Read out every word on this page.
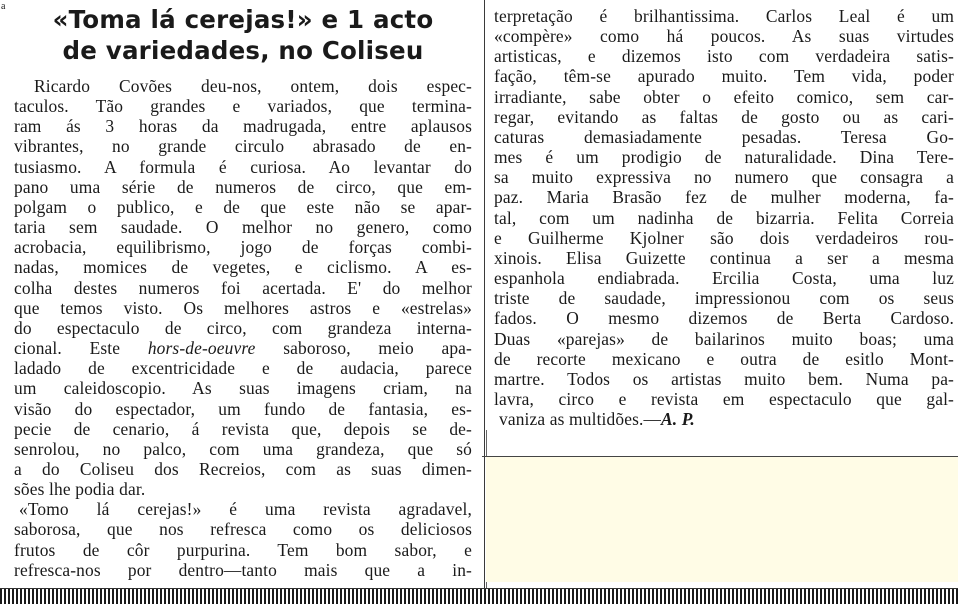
a	«Toma lá cerejas!» e 1 acto
de variedades, no Coliseu
Ricardo Covões deu-nos, ontem, dois espec-
taculos. Tão grandes e variados, que termina-
ram ás 3 horas da madrugada, entre aplausos
vibrantes, no grande circulo abrasado de en-
tusiasmo. A formula é curiosa. Ao levantar do
pano uma série de numeros de circo, que em-
polgam o publico, e de que este não se apar-
taria sem saudade. O melhor no genero, como
acrobacia, equilibrismo, jogo de forças combi-
nadas, momices de vegetes, e ciclismo. A es-
colha destes numeros foi acertada. E' do melhor
que temos visto. Os melhores astros e «estrelas»
do espectaculo de circo, com grandeza interna-
cional. Este hors-de-oeuvre saboroso, meio apa-
ladado de excentricidade e de audacia, parece
um caleidoscopio. As suas imagens criam, na
visão do espectador, um fundo de fantasia, es-
pecie de cenario, á revista que, depois se de-
senrolou, no palco, com uma grandeza, que só
a do Coliseu dos Recreios, com as suas dimen-
sões lhe podia dar.
«Tomo lá cerejas!» é uma revista agradavel,
saborosa, que nos refresca como os deliciosos
frutos de côr purpurina. Tem bom sabor, e
refresca-nos por dentro—tanto mais que a in-
terpretação é brilhantissima. Carlos Leal é um
«compère» como há poucos. As suas virtudes
artisticas, e dizemos isto com verdadeira satis-
fação, têm-se apurado muito. Tem vida, poder
irradiante, sabe obter o efeito comico, sem car-
regar, evitando as faltas de gosto ou as cari-
caturas demasiadamente pesadas. Teresa Go-
mes é um prodigio de naturalidade. Dina Tere-
sa muito expressiva no numero que consagra a
paz. Maria Brasão fez de mulher moderna, fa-
tal, com um nadinha de bizarria. Felita Correia
e Guilherme Kjolner são dois verdadeiros rou-
xinois. Elisa Guizette continua a ser a mesma
espanhola endiabrada. Ercilia Costa, uma luz
triste de saudade, impressionou com os seus
fados. O mesmo dizemos de Berta Cardoso.
Duas «parejas» de bailarinos muito boas; uma
de recorte mexicano e outra de esitlo Mont-
martre. Todos os artistas muito bem. Numa pa-
lavra, circo e revista em espectaculo que gal-
vaniza as multidões.—A. P.
